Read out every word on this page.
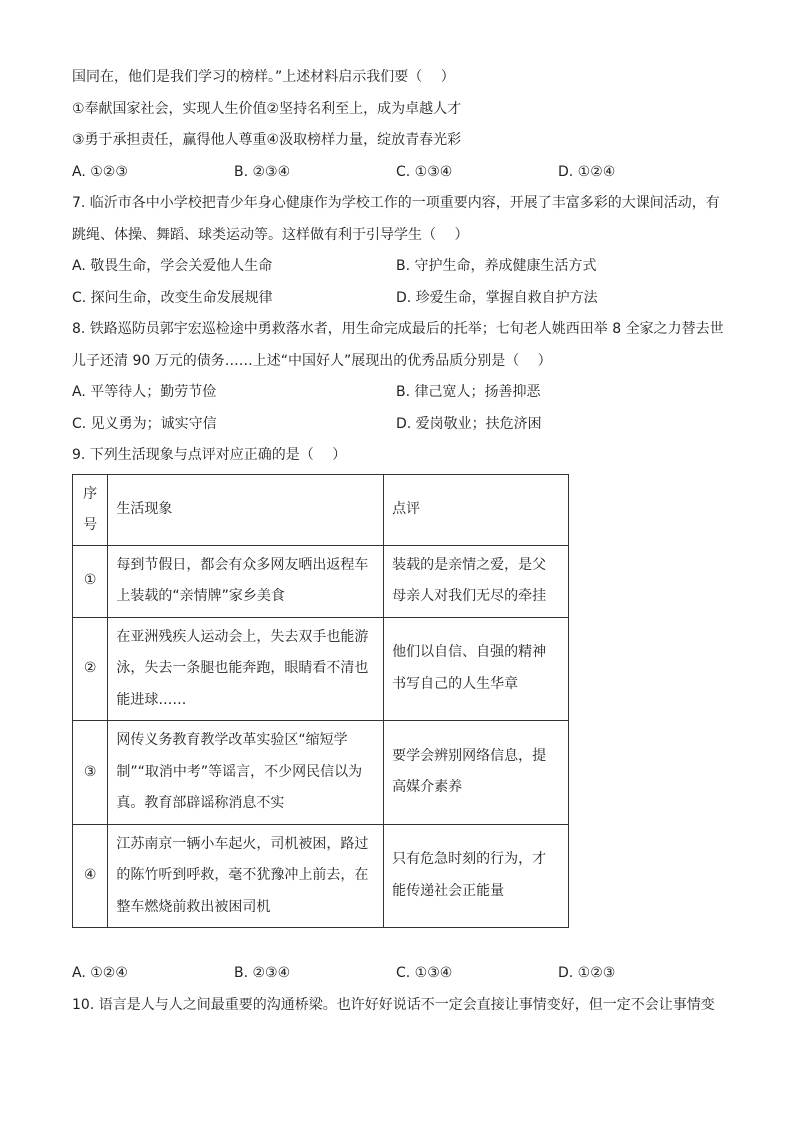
国同在，他们是我们学习的榜样。”上述材料启示我们要（　 ）
①奉献国家社会，实现人生价值②坚持名利至上，成为卓越人才
③勇于承担责任，赢得他人尊重④汲取榜样力量，绽放青春光彩
A. ①②③	B. ②③④	C. ①③④	D. ①②④
7. 临沂市各中小学校把青少年身心健康作为学校工作的一项重要内容，开展了丰富多彩的大课间活动，有
跳绳、体操、舞蹈、球类运动等。这样做有利于引导学生（　 ）
A. 敬畏生命，学会关爱他人生命	B. 守护生命，养成健康生活方式
C. 探问生命，改变生命发展规律	D. 珍爱生命，掌握自救自护方法
8. 铁路巡防员郭宇宏巡检途中勇救落水者，用生命完成最后的托举；七旬老人姚西田举 8 全家之力替去世
儿子还清 90 万元的债务……上述“中国好人”展现出的优秀品质分别是（　 ）
A. 平等待人；勤劳节俭	B. 律己宽人；扬善抑恶
C. 见义勇为；诚实守信	D. 爱岗敬业；扶危济困
9. 下列生活现象与点评对应正确的是（　 ）
序
号	生活现象	点评
①	每到节假日，都会有众多网友晒出返程车上装载的“亲情牌”家乡美食	装载的是亲情之爱，是父母亲人对我们无尽的牵挂
②	在亚洲残疾人运动会上，失去双手也能游泳，失去一条腿也能奔跑，眼睛看不清也能进球……	他们以自信、自强的精神书写自己的人生华章
③	网传义务教育教学改革实验区“缩短学制”“取消中考”等谣言，不少网民信以为真。教育部辟谣称消息不实	要学会辨别网络信息，提高媒介素养
④	江苏南京一辆小车起火，司机被困，路过的陈竹听到呼救，毫不犹豫冲上前去，在整车燃烧前救出被困司机	只有危急时刻的行为，才能传递社会正能量
A. ①②④	B. ②③④	C. ①③④	D. ①②③
10. 语言是人与人之间最重要的沟通桥梁。也许好好说话不一定会直接让事情变好，但一定不会让事情变
